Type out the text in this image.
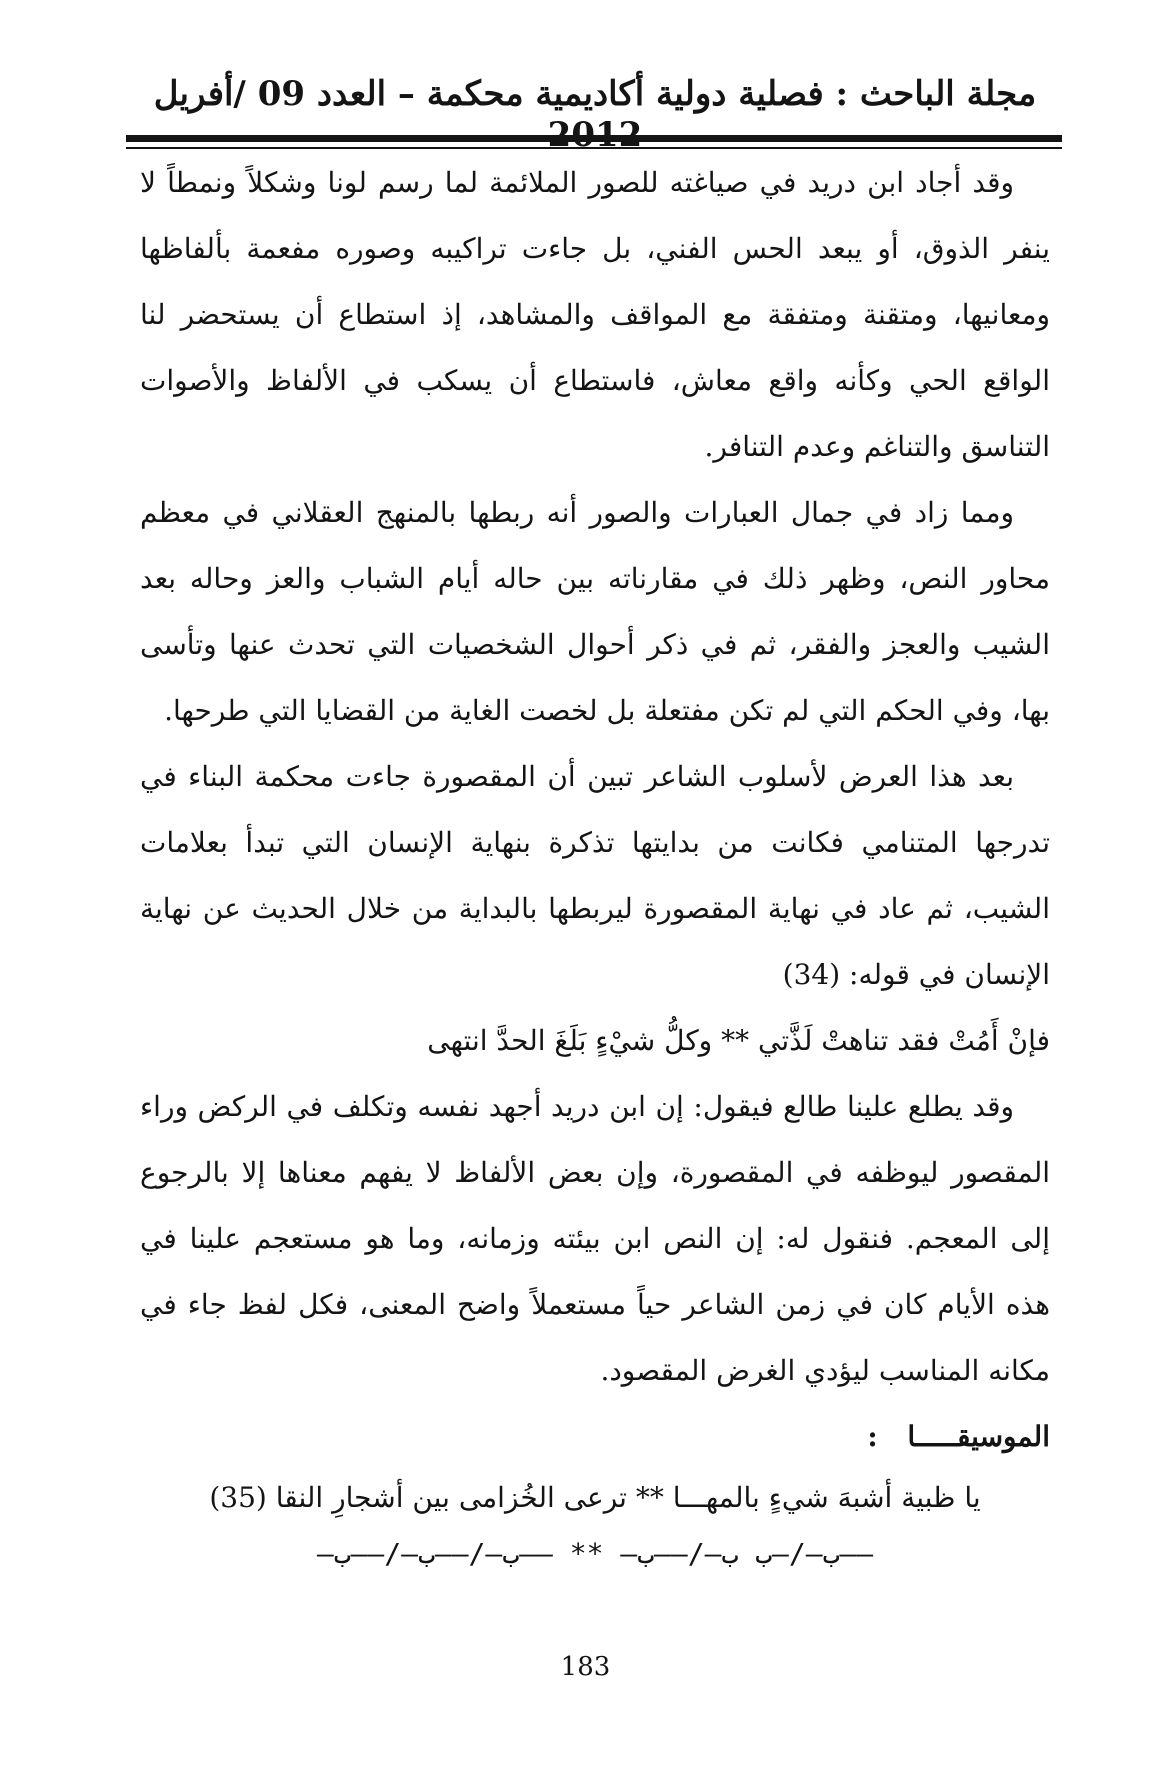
مجلة الباحث : فصلية دولية أكاديمية محكمة – العدد 09 /أفريل

وقد أجاد ابن دريد في صياغته للصور الملائمة لما رسم لونا وشكلاً ونمطاً لا ينفر الذوق، أو يبعد الحس الفني، بل جاءت تراكيبه وصوره مفعمة بألفاظها ومعانيها، ومتقنة ومتفقة مع المواقف والمشاهد، إذ استطاع أن يستحضر لنا الواقع الحي وكأنه واقع معاش، فاستطاع أن يسكب في الألفاظ والأصوات التناسق والتناغم وعدم التنافر.

ومما زاد في جمال العبارات والصور أنه ربطها بالمنهج العقلاني في معظم محاور النص، وظهر ذلك في مقارناته بين حاله أيام الشباب والعز وحاله بعد الشيب والعجز والفقر، ثم في ذكر أحوال الشخصيات التي تحدث عنها وتأسى بها، وفي الحكم التي لم تكن مفتعلة بل لخصت الغاية من القضايا التي طرحها.

بعد هذا العرض لأسلوب الشاعر تبين أن المقصورة جاءت محكمة البناء في تدرجها المتنامي فكانت من بدايتها تذكرة بنهاية الإنسان التي تبدأ بعلامات الشيب، ثم عاد في نهاية المقصورة ليربطها بالبداية من خلال الحديث عن نهاية الإنسان في قوله: (34)

فإنْ أَمُتْ فقد تناهتْ لَذَّتي ** وكلُّ شيْءٍ بَلَغَ الحدَّ انتهى

وقد يطلع علينا طالع فيقول: إن ابن دريد أجهد نفسه وتكلف في الركض وراء المقصور ليوظفه في المقصورة، وإن بعض الألفاظ لا يفهم معناها إلا بالرجوع إلى المعجم. فنقول له: إن النص ابن بيئته وزمانه، وما هو مستعجم علينا في هذه الأيام كان في زمن الشاعر حياً مستعملاً واضح المعنى، فكل لفظ جاء في مكانه المناسب ليؤدي الغرض المقصود.

الموسيقـــــا :

يا ظبية أشبهَ شيءٍ بالمهـــا ** ترعى الخُزامى بين أشجارِ النقا (35)

––ب–/–ب ب–/––ب– ** ––ب–/––ب–/––ب–

183
